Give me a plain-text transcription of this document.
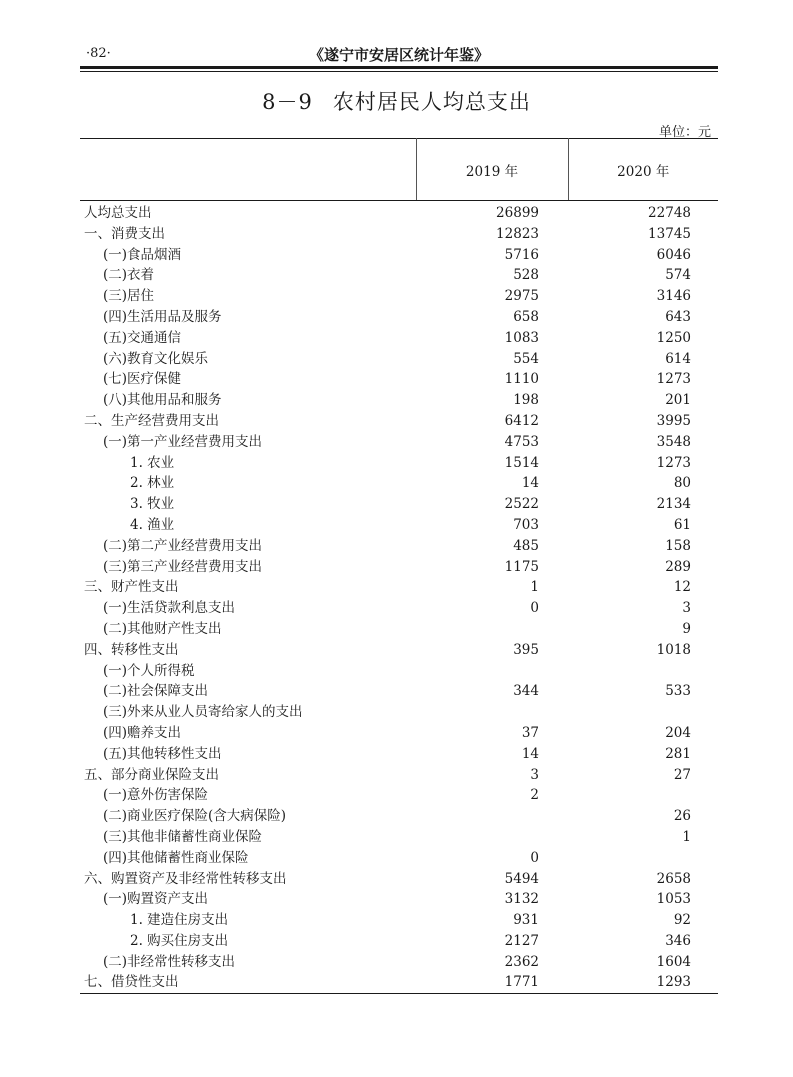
·82·	《遂宁市安居区统计年鉴》
8－9 农村居民人均总支出
单位：元
	2019 年	2020 年
人均总支出	26899	22748
一、消费支出	12823	13745
(一)食品烟酒	5716	6046
(二)衣着	528	574
(三)居住	2975	3146
(四)生活用品及服务	658	643
(五)交通通信	1083	1250
(六)教育文化娱乐	554	614
(七)医疗保健	1110	1273
(八)其他用品和服务	198	201
二、生产经营费用支出	6412	3995
(一)第一产业经营费用支出	4753	3548
1. 农业	1514	1273
2. 林业	14	80
3. 牧业	2522	2134
4. 渔业	703	61
(二)第二产业经营费用支出	485	158
(三)第三产业经营费用支出	1175	289
三、财产性支出	1	12
(一)生活贷款利息支出	0	3
(二)其他财产性支出		9
四、转移性支出	395	1018
(一)个人所得税		
(二)社会保障支出	344	533
(三)外来从业人员寄给家人的支出		
(四)赡养支出	37	204
(五)其他转移性支出	14	281
五、部分商业保险支出	3	27
(一)意外伤害保险	2	
(二)商业医疗保险(含大病保险)		26
(三)其他非储蓄性商业保险		1
(四)其他储蓄性商业保险	0	
六、购置资产及非经常性转移支出	5494	2658
(一)购置资产支出	3132	1053
1. 建造住房支出	931	92
2. 购买住房支出	2127	346
(二)非经常性转移支出	2362	1604
七、借贷性支出	1771	1293
